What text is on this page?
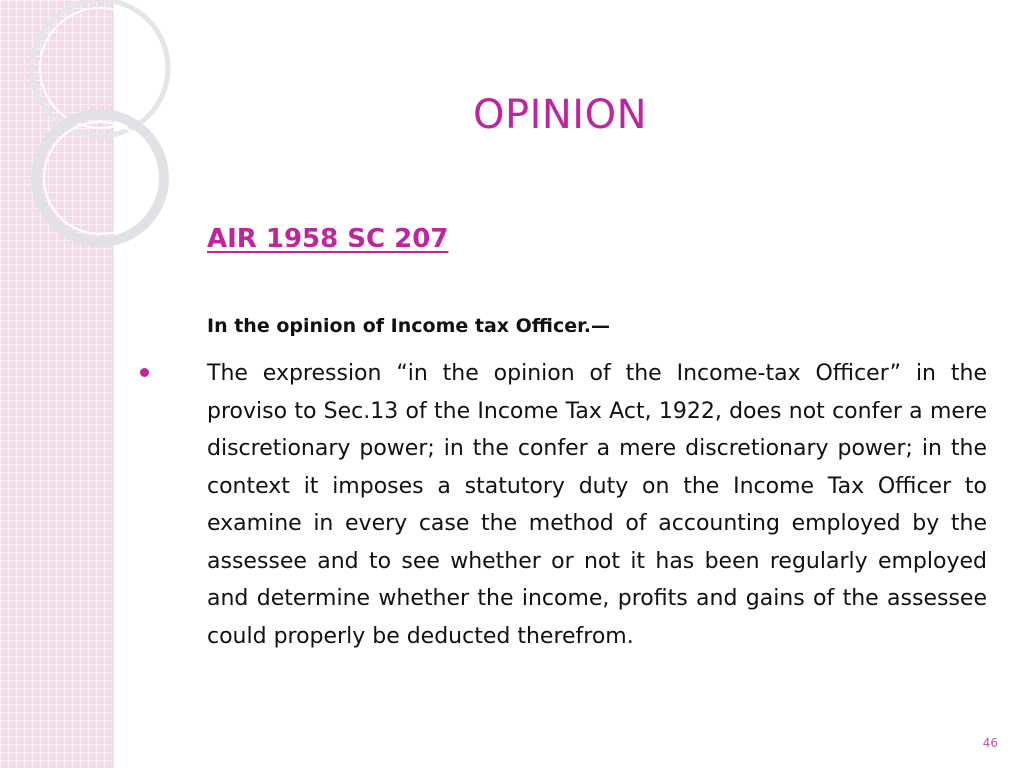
OPINION
AIR 1958 SC 207
In the opinion of Income tax Officer.—
The expression “in the opinion of the Income-tax Officer” in the proviso to Sec.13 of the Income Tax Act, 1922, does not confer a mere discretionary power; in the confer a mere discretionary power; in the context it imposes a statutory duty on the Income Tax Officer to examine in every case the method of accounting employed by the assessee and to see whether or not it has been regularly employed and determine whether the income, profits and gains of the assessee could properly be deducted therefrom.
46
